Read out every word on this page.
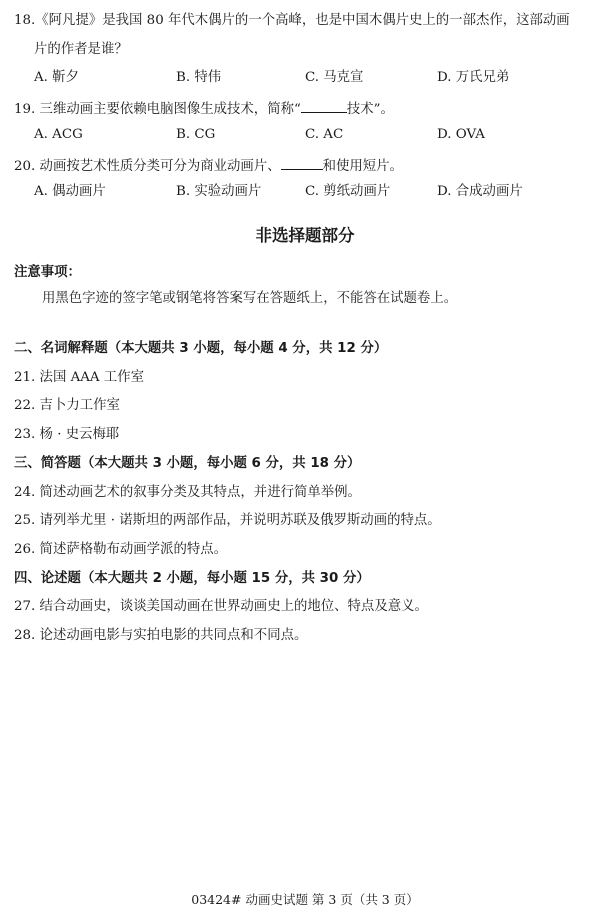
18.《阿凡提》是我国 80 年代木偶片的一个高峰，也是中国木偶片史上的一部杰作，这部动画
片的作者是谁？
A. 靳夕	B. 特伟	C. 马克宣	D. 万氏兄弟
19. 三维动画主要依赖电脑图像生成技术，简称“	技术”。
A. ACG	B. CG	C. AC	D. OVA
20. 动画按艺术性质分类可分为商业动画片、	和使用短片。
A. 偶动画片	B. 实验动画片	C. 剪纸动画片	D. 合成动画片
非选择题部分
注意事项：
用黑色字迹的签字笔或钢笔将答案写在答题纸上，不能答在试题卷上。
二、名词解释题（本大题共 3 小题，每小题 4 分，共 12 分）
21. 法国 AAA 工作室
22. 吉卜力工作室
23. 杨 · 史云梅耶
三、简答题（本大题共 3 小题，每小题 6 分，共 18 分）
24. 简述动画艺术的叙事分类及其特点，并进行简单举例。
25. 请列举尤里 · 诺斯坦的两部作品，并说明苏联及俄罗斯动画的特点。
26. 简述萨格勒布动画学派的特点。
四、论述题（本大题共 2 小题，每小题 15 分，共 30 分）
27. 结合动画史，谈谈美国动画在世界动画史上的地位、特点及意义。
28. 论述动画电影与实拍电影的共同点和不同点。
03424# 动画史试题 第 3 页（共 3 页）
